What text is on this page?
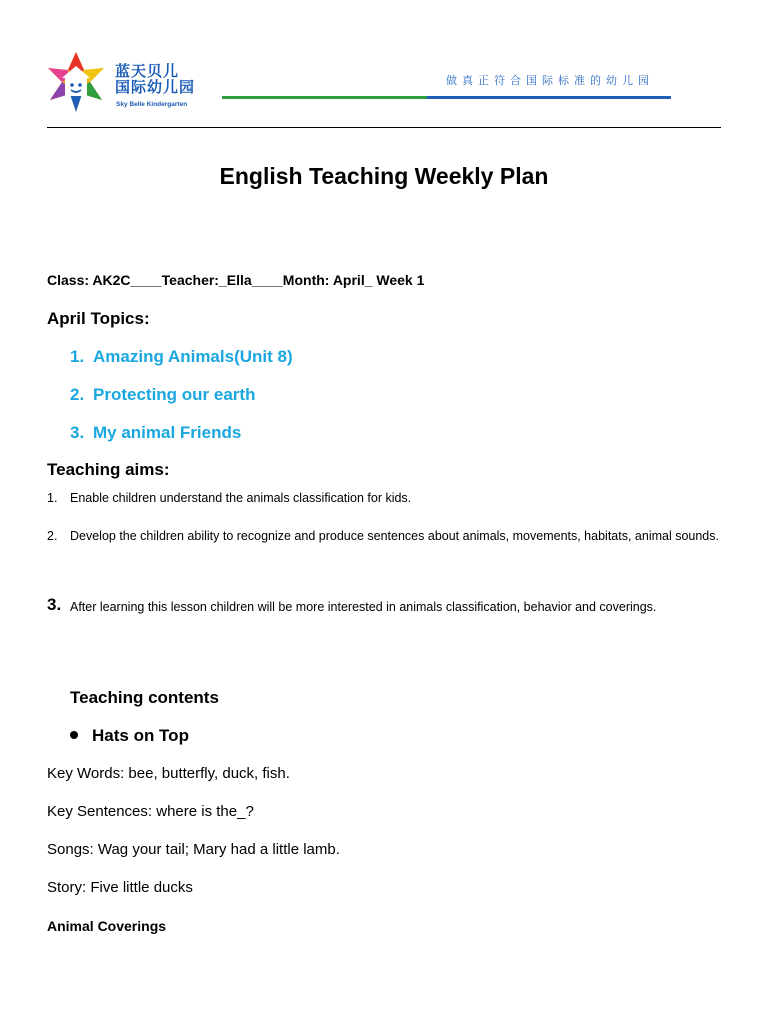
蓝天贝儿
国际幼儿园
Sky Belle Kindergarten
做真正符合国际标准的幼儿园
English Teaching Weekly Plan
Class: AK2C____Teacher:_Ella____Month: April_ Week 1
April Topics:
1. Amazing Animals(Unit 8)
2. Protecting our earth
3. My animal Friends
Teaching aims:
1. Enable children understand the animals classification for kids.
2. Develop the children ability to recognize and produce sentences about animals, movements, habitats, animal sounds.
3. After learning this lesson children will be more interested in animals classification, behavior and coverings.
Teaching contents
Hats on Top
Key Words: bee, butterfly, duck, fish.
Key Sentences: where is the_?
Songs: Wag your tail; Mary had a little lamb.
Story: Five little ducks
Animal Coverings
